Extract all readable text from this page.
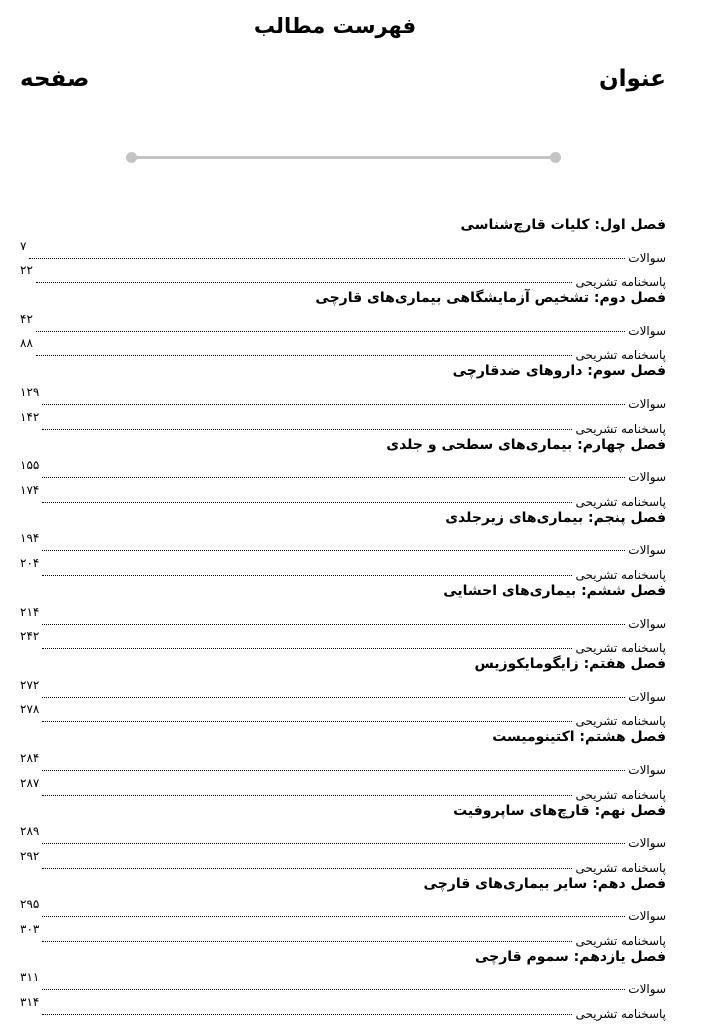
فهرست مطالب
عنوان
صفحه
فصل اول: کلیات قارچ‌شناسی
سوالات
۷
پاسخنامه تشریحی
۲۲
فصل دوم: تشخیص آزمایشگاهی بیماری‌های قارچی
سوالات
۴۲
پاسخنامه تشریحی
۸۸
فصل سوم: داروهای ضدقارچی
سوالات
۱۲۹
پاسخنامه تشریحی
۱۴۲
فصل چهارم: بیماری‌های سطحی و جلدی
سوالات
۱۵۵
پاسخنامه تشریحی
۱۷۴
فصل پنجم: بیماری‌های زیرجلدی
سوالات
۱۹۴
پاسخنامه تشریحی
۲۰۴
فصل ششم: بیماری‌های احشایی
سوالات
۲۱۴
پاسخنامه تشریحی
۲۴۲
فصل هفتم: زایگومایکوزیس
سوالات
۲۷۲
پاسخنامه تشریحی
۲۷۸
فصل هشتم: اکتینومیست
سوالات
۲۸۴
پاسخنامه تشریحی
۲۸۷
فصل نهم: قارچ‌های ساپروفیت
سوالات
۲۸۹
پاسخنامه تشریحی
۲۹۲
فصل دهم: سایر بیماری‌های قارچی
سوالات
۲۹۵
پاسخنامه تشریحی
۳۰۳
فصل یازدهم: سموم قارچی
سوالات
۳۱۱
پاسخنامه تشریحی
۳۱۴
